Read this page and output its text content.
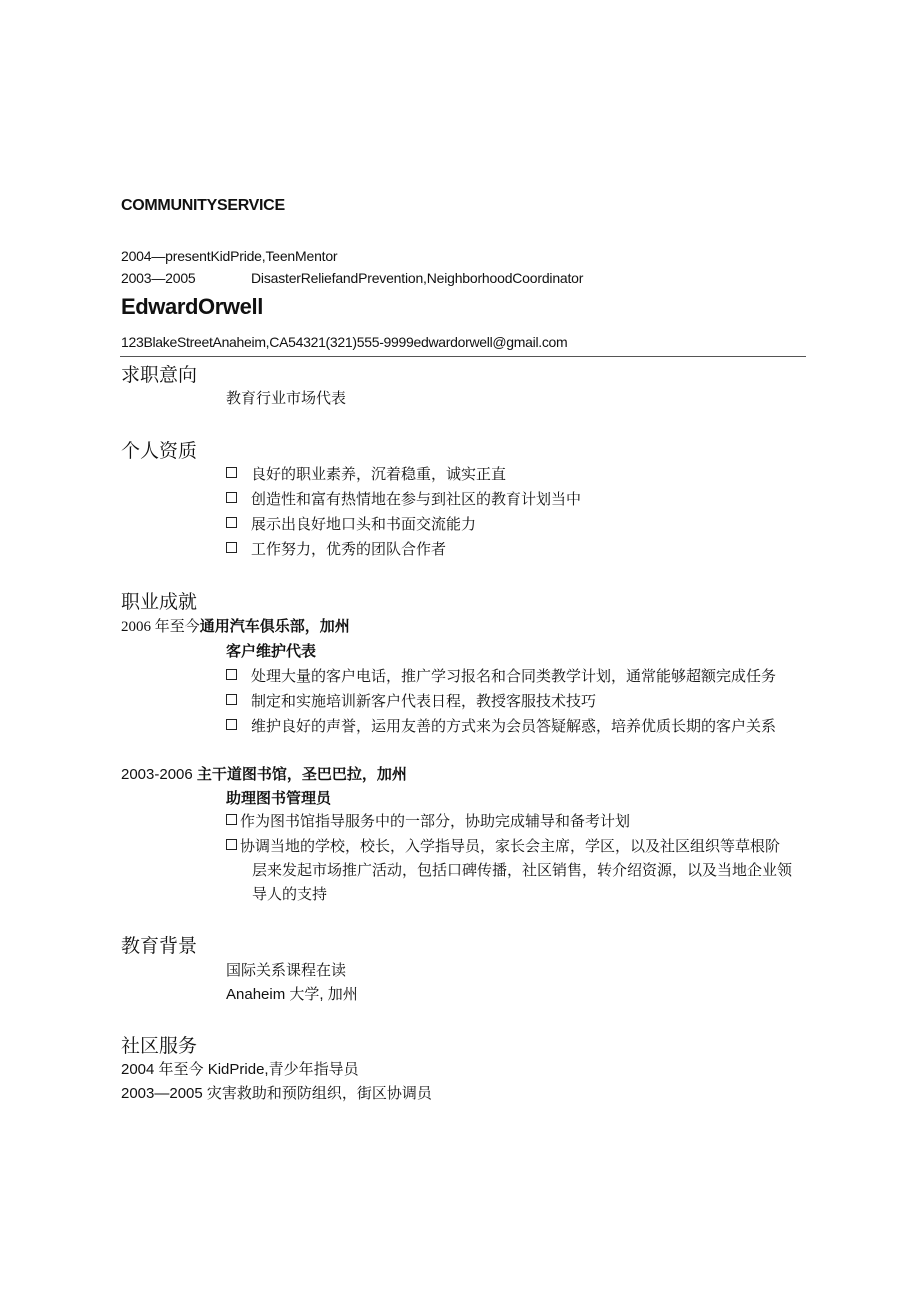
COMMUNITYSERVICE
2004—presentKidPride,TeenMentor
2003—2005	DisasterReliefandPrevention,NeighborhoodCoordinator
EdwardOrwell
123BlakeStreetAnaheim,CA54321(321)555-9999edwardorwell@gmail.com
求职意向
教育行业市场代表
个人资质
良好的职业素养，沉着稳重，诚实正直
创造性和富有热情地在参与到社区的教育计划当中
展示出良好地口头和书面交流能力
工作努力，优秀的团队合作者
职业成就
2006 年至今通用汽车俱乐部，加州
客户维护代表
处理大量的客户电话，推广学习报名和合同类教学计划，通常能够超额完成任务
制定和实施培训新客户代表日程，教授客服技术技巧
维护良好的声誉，运用友善的方式来为会员答疑解惑，培养优质长期的客户关系
2003-2006 主干道图书馆，圣巴巴拉，加州
助理图书管理员
作为图书馆指导服务中的一部分，协助完成辅导和备考计划
协调当地的学校，校长，入学指导员，家长会主席，学区，以及社区组织等草根阶
层来发起市场推广活动，包括口碑传播，社区销售，转介绍资源，以及当地企业领
导人的支持
教育背景
国际关系课程在读
Anaheim 大学, 加州
社区服务
2004 年至今 KidPride,青少年指导员
2003—2005 灾害救助和预防组织，街区协调员
